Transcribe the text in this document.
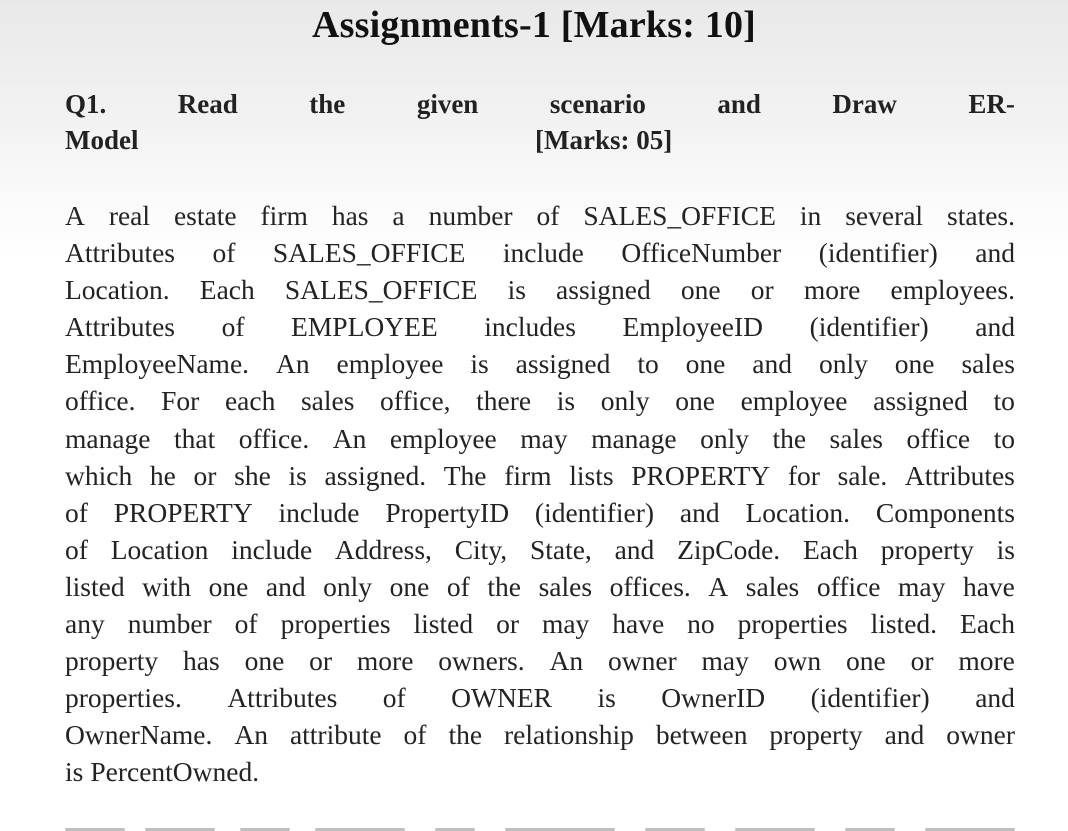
Assignments-1 [Marks: 10]
Q1.	Read	the	given	scenario	and	Draw	ER-
Model	[Marks: 05]
A real estate firm has a number of SALES_OFFICE in several states.
Attributes of SALES_OFFICE include OfficeNumber (identifier) and
Location. Each SALES_OFFICE is assigned one or more employees.
Attributes of EMPLOYEE includes EmployeeID (identifier) and
EmployeeName. An employee is assigned to one and only one sales
office. For each sales office, there is only one employee assigned to
manage that office. An employee may manage only the sales office to
which he or she is assigned. The firm lists PROPERTY for sale. Attributes
of PROPERTY include PropertyID (identifier) and Location. Components
of Location include Address, City, State, and ZipCode. Each property is
listed with one and only one of the sales offices. A sales office may have
any number of properties listed or may have no properties listed. Each
property has one or more owners. An owner may own one or more
properties. Attributes of OWNER is OwnerID (identifier) and
OwnerName. An attribute of the relationship between property and owner
is PercentOwned.
